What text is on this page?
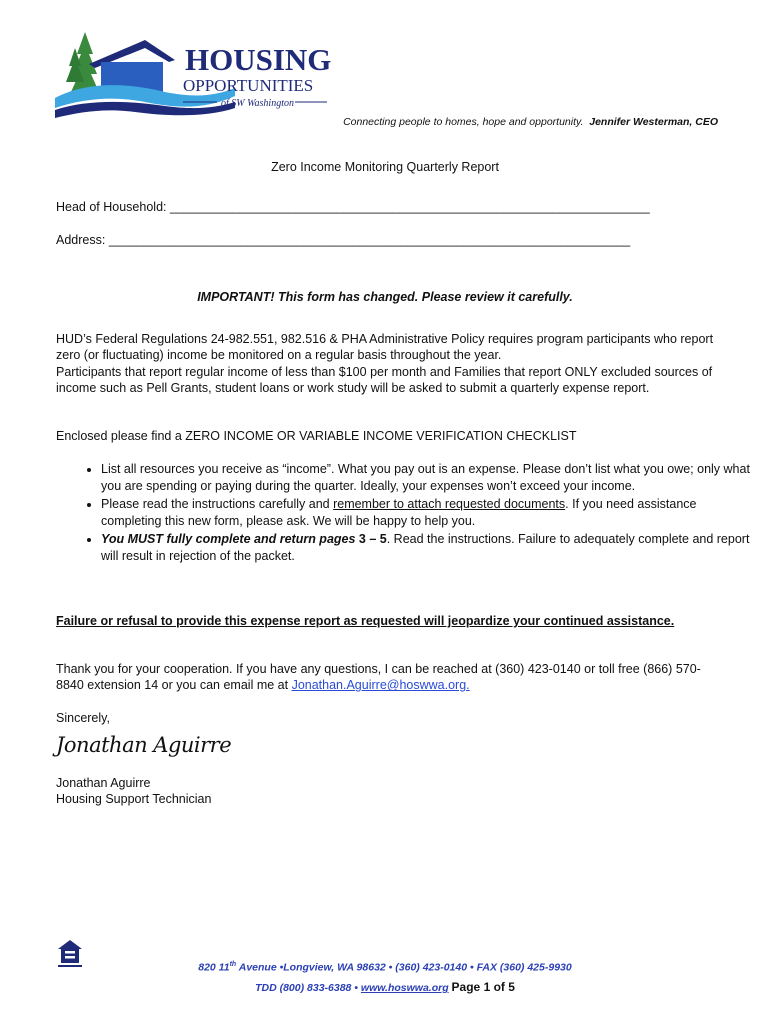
HOUSING
OPPORTUNITIES
of SW Washington
Connecting people to homes, hope and opportunity. Jennifer Westerman, CEO
Zero Income Monitoring Quarterly Report
Head of Household: _____________________________________________________________________
Address: ___________________________________________________________________________
IMPORTANT! This form has changed. Please review it carefully.
HUD’s Federal Regulations 24-982.551, 982.516 & PHA Administrative Policy requires program participants who report zero (or fluctuating) income be monitored on a regular basis throughout the year.
Participants that report regular income of less than $100 per month and Families that report ONLY excluded sources of income such as Pell Grants, student loans or work study will be asked to submit a quarterly expense report.
Enclosed please find a ZERO INCOME OR VARIABLE INCOME VERIFICATION CHECKLIST
• List all resources you receive as “income”. What you pay out is an expense. Please don’t list what you owe; only what you are spending or paying during the quarter. Ideally, your expenses won’t exceed your income.
• Please read the instructions carefully and remember to attach requested documents. If you need assistance completing this new form, please ask. We will be happy to help you.
• You MUST fully complete and return pages 3 – 5. Read the instructions. Failure to adequately complete and report will result in rejection of the packet.
Failure or refusal to provide this expense report as requested will jeopardize your continued assistance.
Thank you for your cooperation. If you have any questions, I can be reached at (360) 423-0140 or toll free (866) 570-8840 extension 14 or you can email me at Jonathan.Aguirre@hoswwa.org.
Sincerely,
Jonathan Aguirre
Jonathan Aguirre
Housing Support Technician
820 11th Avenue •Longview, WA 98632 • (360) 423-0140 • FAX (360) 425-9930
TDD (800) 833-6388 • www.hoswwa.org Page 1 of 5
